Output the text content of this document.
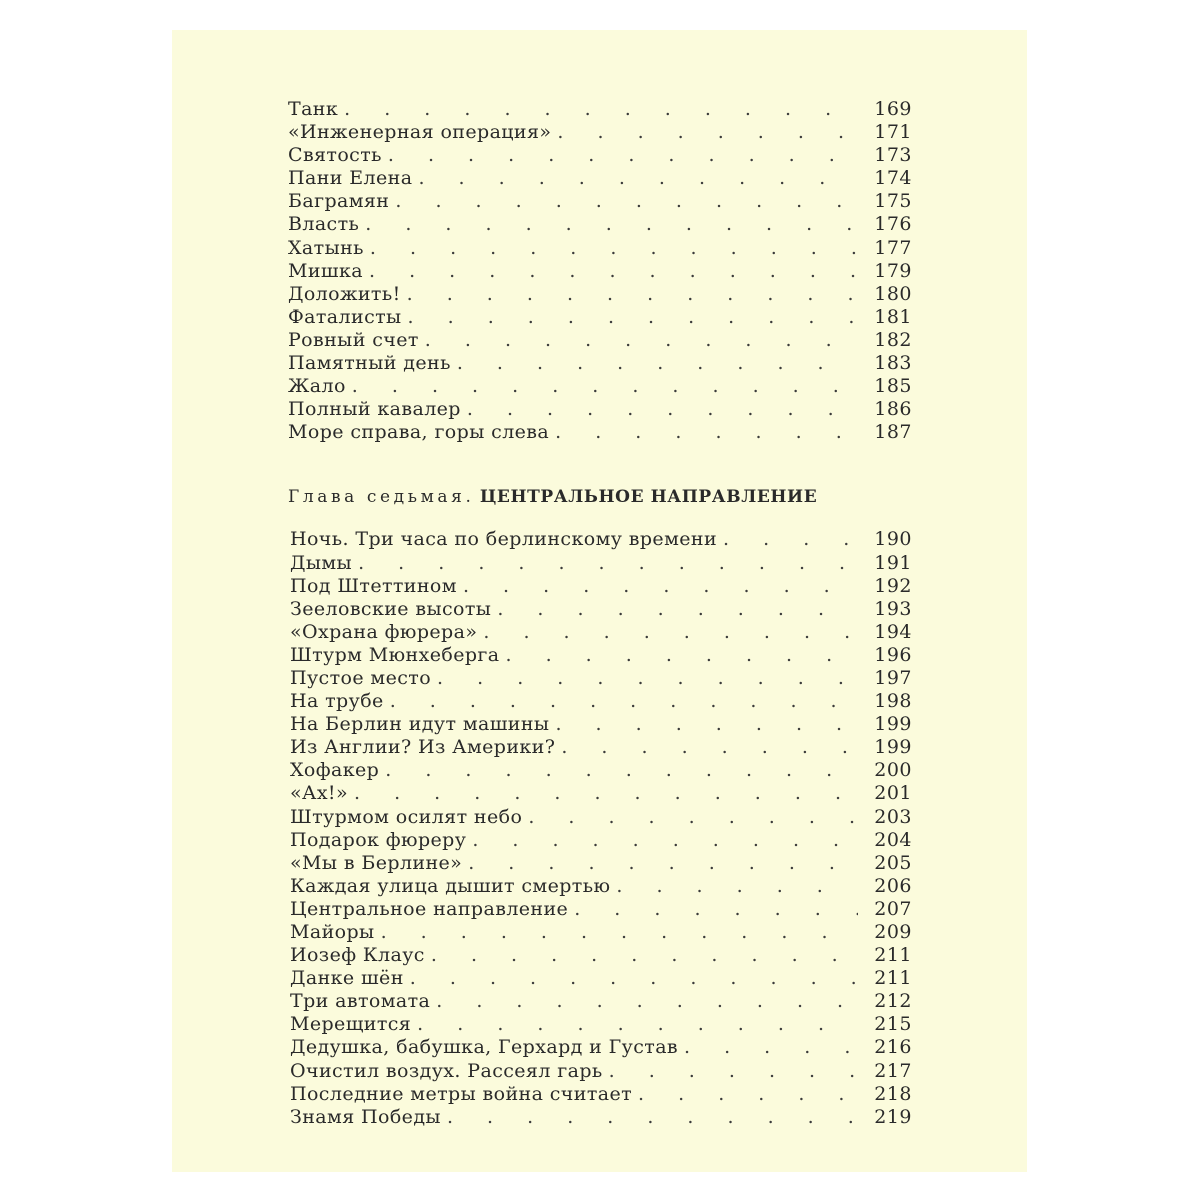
Танк . . .	169
«Инженерная операция» . . .	171
Святость . . .	173
Пани Елена . . .	174
Баграмян . . .	175
Власть . . .	176
Хатынь . . .	177
Мишка . . .	179
Доложить! . . .	180
Фаталисты . . .	181
Ровный счет . . .	182
Памятный день . . .	183
Жало . . .	185
Полный кавалер . . .	186
Море справа, горы слева . . .	187
Глава седьмая. ЦЕНТРАЛЬНОЕ НАПРАВЛЕНИЕ
Ночь. Три часа по берлинскому времени . . .	190
Дымы . . .	191
Под Штеттином . . .	192
Зееловские высоты . . .	193
«Охрана фюрера» . . .	194
Штурм Мюнхеберга . . .	196
Пустое место . . .	197
На трубе . . .	198
На Берлин идут машины . . .	199
Из Англии? Из Америки? . . .	199
Хофакер . . .	200
«Ах!» . . .	201
Штурмом осилят небо . . .	203
Подарок фюреру . . .	204
«Мы в Берлине» . . .	205
Каждая улица дышит смертью . . .	206
Центральное направление . . .	207
Майоры . . .	209
Иозеф Клаус . . .	211
Данке шён . . .	211
Три автомата . . .	212
Мерещится . . .	215
Дедушка, бабушка, Герхард и Густав . . .	216
Очистил воздух. Рассеял гарь . . .	217
Последние метры война считает . . .	218
Знамя Победы . . .	219
